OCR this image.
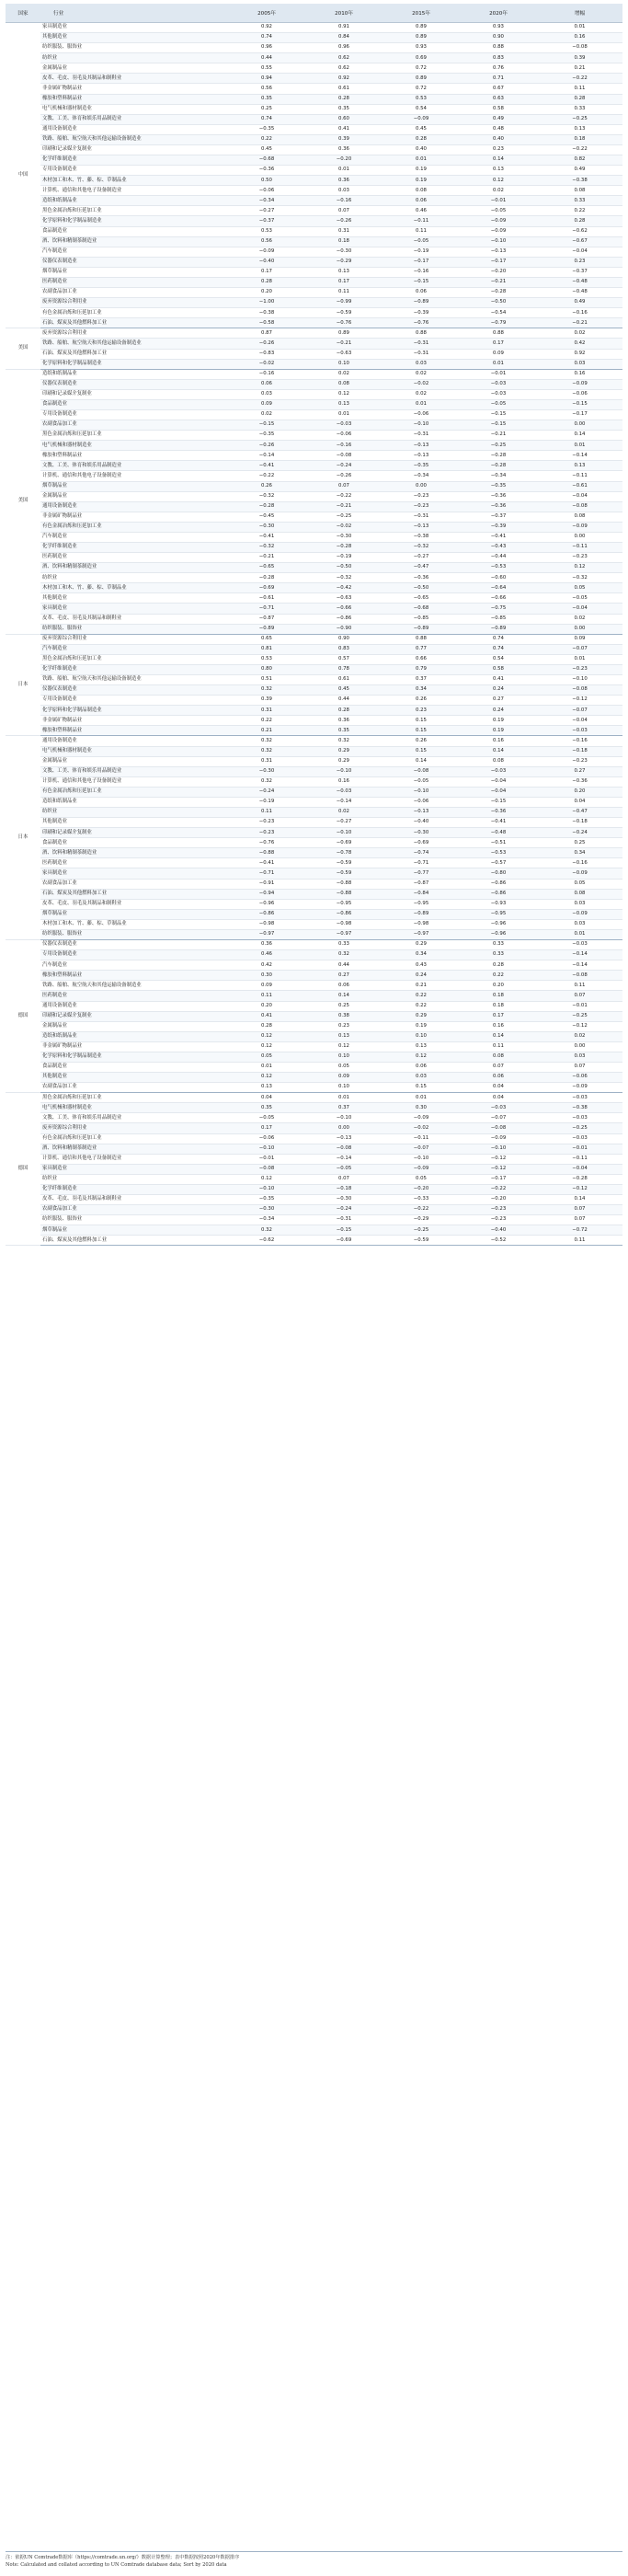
国家	行业	2005年	2010年	2015年	2020年	增幅
中国	家具制造业	0.92	0.91	0.89	0.93	0.01
	其他制造业	0.74	0.84	0.89	0.90	0.16
	纺织服装、服饰业	0.96	0.96	0.93	0.88	−0.08
	纺织业	0.44	0.62	0.69	0.83	0.39
	金属制品业	0.55	0.62	0.72	0.76	0.21
	皮革、毛皮、羽毛及其制品和制鞋业	0.94	0.92	0.89	0.71	−0.22
	非金属矿物制品业	0.56	0.61	0.72	0.67	0.11
	橡胶和塑料制品业	0.35	0.28	0.53	0.63	0.28
	电气机械和器材制造业	0.25	0.35	0.54	0.58	0.33
	文教、工美、体育和娱乐用品制造业	0.74	0.60	−0.09	0.49	−0.25
	通用设备制造业	−0.35	0.41	0.45	0.48	0.13
	铁路、船舶、航空航天和其他运输设备制造业	0.22	0.39	0.28	0.40	0.18
	印刷和记录媒介复制业	0.45	0.36	0.40	0.23	−0.22
	化学纤维制造业	−0.68	−0.20	0.01	0.14	0.82
	专用设备制造业	−0.36	0.01	0.19	0.13	0.49
	木材加工和木、竹、藤、棕、草制品业	0.50	0.36	0.19	0.12	−0.38
	计算机、通信和其他电子设备制造业	−0.06	0.03	0.08	0.02	0.08
	造纸和纸制品业	−0.34	−0.16	0.06	−0.01	0.33
	黑色金属冶炼和压延加工业	−0.27	0.07	0.46	−0.05	0.22
	化学原料和化学制品制造业	−0.37	−0.26	−0.11	−0.09	0.28
	食品制造业	0.53	0.31	0.11	−0.09	−0.62
	酒、饮料和精制茶制造业	0.56	0.18	−0.05	−0.10	−0.67
	汽车制造业	−0.09	−0.30	−0.19	−0.13	−0.04
	仪器仪表制造业	−0.40	−0.29	−0.17	−0.17	0.23
	烟草制品业	0.17	0.13	−0.16	−0.20	−0.37
	医药制造业	0.28	0.17	−0.15	−0.21	−0.48
	农副食品加工业	0.20	0.11	0.06	−0.28	−0.48
	废弃资源综合利用业	−1.00	−0.99	−0.89	−0.50	0.49
	有色金属冶炼和压延加工业	−0.38	−0.59	−0.39	−0.54	−0.16
	石油、煤炭及其他燃料加工业	−0.58	−0.76	−0.76	−0.79	−0.21
美国	废弃资源综合利用业	0.87	0.89	0.88	0.88	0.02
	铁路、船舶、航空航天和其他运输设备制造业	−0.26	−0.21	−0.31	0.17	0.42
	石油、煤炭及其他燃料加工业	−0.83	−0.63	−0.31	0.09	0.92
	化学原料和化学制品制造业	−0.02	0.10	0.03	0.01	0.03
美国	造纸和纸制品业	−0.16	0.02	0.02	−0.01	0.16
	仪器仪表制造业	0.06	0.08	−0.02	−0.03	−0.09
	印刷和记录媒介复制业	0.03	0.12	0.02	−0.03	−0.06
	食品制造业	0.09	0.13	0.01	−0.05	−0.15
	专用设备制造业	0.02	0.01	−0.06	−0.15	−0.17
	农副食品加工业	−0.15	−0.03	−0.10	−0.15	0.00
	黑色金属冶炼和压延加工业	−0.35	−0.06	−0.31	−0.21	0.14
	电气机械和器材制造业	−0.26	−0.16	−0.13	−0.25	0.01
	橡胶和塑料制品业	−0.14	−0.08	−0.13	−0.28	−0.14
	文教、工美、体育和娱乐用品制造业	−0.41	−0.24	−0.35	−0.28	0.13
	计算机、通信和其他电子设备制造业	−0.22	−0.26	−0.34	−0.34	−0.11
	烟草制品业	0.26	0.07	0.00	−0.35	−0.61
	金属制品业	−0.32	−0.22	−0.23	−0.36	−0.04
	通用设备制造业	−0.28	−0.21	−0.23	−0.36	−0.08
	非金属矿物制品业	−0.45	−0.25	−0.31	−0.37	0.08
	有色金属冶炼和压延加工业	−0.30	−0.02	−0.13	−0.39	−0.09
	汽车制造业	−0.41	−0.30	−0.38	−0.41	0.00
	化学纤维制造业	−0.32	−0.28	−0.32	−0.43	−0.11
	医药制造业	−0.21	−0.19	−0.27	−0.44	−0.23
	酒、饮料和精制茶制造业	−0.65	−0.50	−0.47	−0.53	0.12
	纺织业	−0.28	−0.32	−0.36	−0.60	−0.32
	木材加工和木、竹、藤、棕、草制品业	−0.69	−0.42	−0.50	−0.64	0.05
	其他制造业	−0.61	−0.63	−0.65	−0.66	−0.05
	家具制造业	−0.71	−0.66	−0.68	−0.75	−0.04
	皮革、毛皮、羽毛及其制品和制鞋业	−0.87	−0.86	−0.85	−0.85	0.02
	纺织服装、服饰业	−0.89	−0.90	−0.89	−0.89	0.00
日本	废弃资源综合利用业	0.65	0.90	0.88	0.74	0.09
	汽车制造业	0.81	0.83	0.77	0.74	−0.07
	黑色金属冶炼和压延加工业	0.53	0.57	0.66	0.54	0.01
	化学纤维制造业	0.80	0.78	0.79	0.58	−0.23
	铁路、船舶、航空航天和其他运输设备制造业	0.51	0.61	0.37	0.41	−0.10
	仪器仪表制造业	0.32	0.45	0.34	0.24	−0.08
	专用设备制造业	0.39	0.44	0.26	0.27	−0.12
	化学原料和化学制品制造业	0.31	0.28	0.23	0.24	−0.07
	非金属矿物制品业	0.22	0.36	0.15	0.19	−0.04
	橡胶和塑料制品业	0.21	0.35	0.15	0.19	−0.03
日本	通用设备制造业	0.32	0.32	0.26	0.16	−0.16
	电气机械和器材制造业	0.32	0.29	0.15	0.14	−0.18
	金属制品业	0.31	0.29	0.14	0.08	−0.23
	文教、工美、体育和娱乐用品制造业	−0.30	−0.10	−0.08	−0.03	0.27
	计算机、通信和其他电子设备制造业	0.32	0.16	−0.05	−0.04	−0.36
	有色金属冶炼和压延加工业	−0.24	−0.03	−0.10	−0.04	0.20
	造纸和纸制品业	−0.19	−0.14	−0.06	−0.15	0.04
	纺织业	0.11	0.02	−0.13	−0.36	−0.47
	其他制造业	−0.23	−0.27	−0.40	−0.41	−0.18
	印刷和记录媒介复制业	−0.23	−0.10	−0.30	−0.48	−0.24
	食品制造业	−0.76	−0.69	−0.69	−0.51	0.25
	酒、饮料和精制茶制造业	−0.88	−0.78	−0.74	−0.53	0.34
	医药制造业	−0.41	−0.59	−0.71	−0.57	−0.16
	家具制造业	−0.71	−0.59	−0.77	−0.80	−0.09
	农副食品加工业	−0.91	−0.88	−0.87	−0.86	0.05
	石油、煤炭及其他燃料加工业	−0.94	−0.88	−0.84	−0.86	0.08
	皮革、毛皮、羽毛及其制品和制鞋业	−0.96	−0.95	−0.95	−0.93	0.03
	烟草制品业	−0.86	−0.86	−0.89	−0.95	−0.09
	木材加工和木、竹、藤、棕、草制品业	−0.98	−0.98	−0.98	−0.96	0.03
	纺织服装、服饰业	−0.97	−0.97	−0.97	−0.96	0.01
德国	仪器仪表制造业	0.36	0.33	0.29	0.33	−0.03
	专用设备制造业	0.46	0.32	0.34	0.33	−0.14
	汽车制造业	0.42	0.44	0.43	0.28	−0.14
	橡胶和塑料制品业	0.30	0.27	0.24	0.22	−0.08
	铁路、船舶、航空航天和其他运输设备制造业	0.09	0.06	0.21	0.20	0.11
	医药制造业	0.11	0.14	0.22	0.18	0.07
	通用设备制造业	0.20	0.25	0.22	0.18	−0.01
	印刷和记录媒介复制业	0.41	0.38	0.29	0.17	−0.25
	金属制品业	0.28	0.23	0.19	0.16	−0.12
	造纸和纸制品业	0.12	0.13	0.10	0.14	0.02
	非金属矿物制品业	0.12	0.12	0.13	0.11	0.00
	化学原料和化学制品制造业	0.05	0.10	0.12	0.08	0.03
	食品制造业	0.01	0.05	0.06	0.07	0.07
	其他制造业	0.12	0.09	0.03	0.06	−0.06
	农副食品加工业	0.13	0.10	0.15	0.04	−0.09
德国	黑色金属冶炼和压延加工业	0.04	0.01	0.01	0.04	−0.03
	电气机械和器材制造业	0.35	0.37	0.30	−0.03	−0.38
	文教、工美、体育和娱乐用品制造业	−0.05	−0.10	−0.09	−0.07	−0.03
	废弃资源综合利用业	0.17	0.00	−0.02	−0.08	−0.25
	有色金属冶炼和压延加工业	−0.06	−0.13	−0.11	−0.09	−0.03
	酒、饮料和精制茶制造业	−0.10	−0.08	−0.07	−0.10	−0.01
	计算机、通信和其他电子设备制造业	−0.01	−0.14	−0.10	−0.12	−0.11
	家具制造业	−0.08	−0.05	−0.09	−0.12	−0.04
	纺织业	0.12	0.07	0.05	−0.17	−0.28
	化学纤维制造业	−0.10	−0.18	−0.20	−0.22	−0.12
	皮革、毛皮、羽毛及其制品和制鞋业	−0.35	−0.30	−0.33	−0.20	0.14
	农副食品加工业	−0.30	−0.24	−0.22	−0.23	0.07
	纺织服装、服饰业	−0.34	−0.31	−0.29	−0.23	0.07
	烟草制品业	0.32	−0.15	−0.25	−0.40	−0.72
	石油、煤炭及其他燃料加工业	−0.62	−0.69	−0.59	−0.52	0.11
注：依据UN Comtrade数据库（https://comtrade.un.org/）数据计算整理；表中数据按照2020年数据排序
Note: Calculated and collated according to UN Comtrade database data; Sort by 2020 data
